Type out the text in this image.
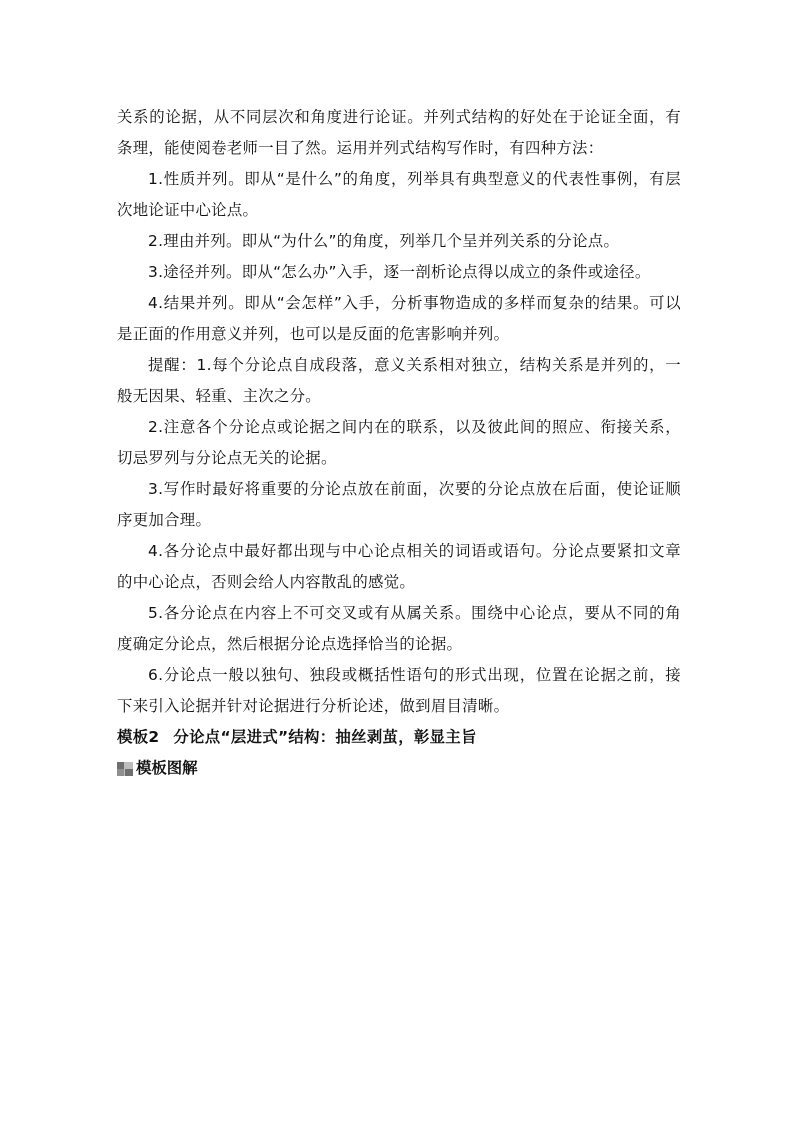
关系的论据，从不同层次和角度进行论证。并列式结构的好处在于论证全面，有条理，能使阅卷老师一目了然。运用并列式结构写作时，有四种方法：

1.性质并列。即从“是什么”的角度，列举具有典型意义的代表性事例，有层次地论证中心论点。

2.理由并列。即从“为什么”的角度，列举几个呈并列关系的分论点。

3.途径并列。即从“怎么办”入手，逐一剖析论点得以成立的条件或途径。

4.结果并列。即从“会怎样”入手，分析事物造成的多样而复杂的结果。可以是正面的作用意义并列，也可以是反面的危害影响并列。

提醒：1.每个分论点自成段落，意义关系相对独立，结构关系是并列的，一般无因果、轻重、主次之分。

2.注意各个分论点或论据之间内在的联系，以及彼此间的照应、衔接关系，切忌罗列与分论点无关的论据。

3.写作时最好将重要的分论点放在前面，次要的分论点放在后面，使论证顺序更加合理。

4.各分论点中最好都出现与中心论点相关的词语或语句。分论点要紧扣文章的中心论点，否则会给人内容散乱的感觉。

5.各分论点在内容上不可交叉或有从属关系。围绕中心论点，要从不同的角度确定分论点，然后根据分论点选择恰当的论据。

6.分论点一般以独句、独段或概括性语句的形式出现，位置在论据之前，接下来引入论据并针对论据进行分析论述，做到眉目清晰。

模板2 分论点“层进式”结构：抽丝剥茧，彰显主旨
模板图解
